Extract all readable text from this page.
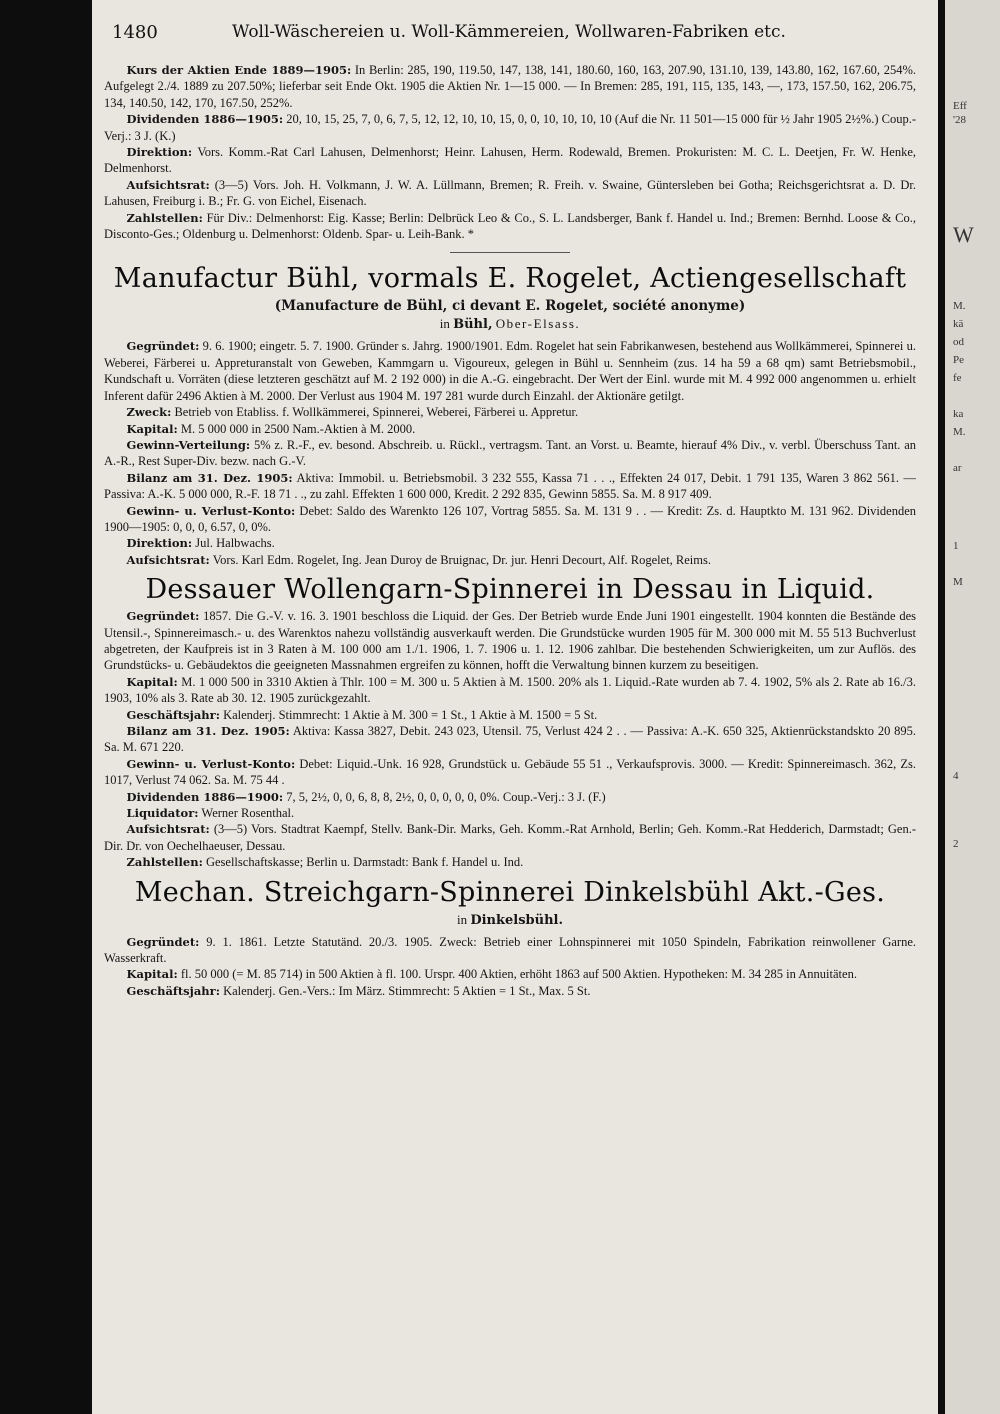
1480	Woll-Wäschereien u. Woll-Kämmereien, Wollwaren-Fabriken etc.

Kurs der Aktien Ende 1889—1905: In Berlin: 285, 190, 119.50, 147, 138, 141, 180.60, 160, 163, 207.90, 131.10, 139, 143.80, 162, 167.60, 254%. Aufgelegt 2./4. 1889 zu 207.50%; lieferbar seit Ende Okt. 1905 die Aktien Nr. 1—15 000. — In Bremen: 285, 191, 115, 135, 143, —, 173, 157.50, 162, 206.75, 134, 140.50, 142, 170, 167.50, 252%.

Dividenden 1886—1905: 20, 10, 15, 25, 7, 0, 6, 7, 5, 12, 12, 10, 10, 15, 0, 0, 10, 10, 10, 10 (Auf die Nr. 11 501—15 000 für ½ Jahr 1905 2½%.) Coup.-Verj.: 3 J. (K.)

Direktion: Vors. Komm.-Rat Carl Lahusen, Delmenhorst; Heinr. Lahusen, Herm. Rodewald, Bremen. Prokuristen: M. C. L. Deetjen, Fr. W. Henke, Delmenhorst.

Aufsichtsrat: (3—5) Vors. Joh. H. Volkmann, J. W. A. Lüllmann, Bremen; R. Freih. v. Swaine, Güntersleben bei Gotha; Reichsgerichtsrat a. D. Dr. Lahusen, Freiburg i. B.; Fr. G. von Eichel, Eisenach.

Zahlstellen: Für Div.: Delmenhorst: Eig. Kasse; Berlin: Delbrück Leo & Co., S. L. Landsberger, Bank f. Handel u. Ind.; Bremen: Bernhd. Loose & Co., Disconto-Ges.; Oldenburg u. Delmenhorst: Oldenb. Spar- u. Leih-Bank. *

Manufactur Bühl, vormals E. Rogelet, Actiengesellschaft
(Manufacture de Bühl, ci devant E. Rogelet, société anonyme)
in Bühl, Ober-Elsass.

Gegründet: 9. 6. 1900; eingetr. 5. 7. 1900. Gründer s. Jahrg. 1900/1901. Edm. Rogelet hat sein Fabrikanwesen, bestehend aus Wollkämmerei, Spinnerei u. Weberei, Färberei u. Appreturanstalt von Geweben, Kammgarn u. Vigoureux, gelegen in Bühl u. Sennheim (zus. 14 ha 59 a 68 qm) samt Betriebsmobil., Kundschaft u. Vorräten (diese letzteren geschätzt auf M. 2 192 000) in die A.-G. eingebracht. Der Wert der Einl. wurde mit M. 4 992 000 angenommen u. erhielt Inferent dafür 2496 Aktien à M. 2000. Der Verlust aus 1904 M. 197 281 wurde durch Einzahl. der Aktionäre getilgt.

Zweck: Betrieb von Etabliss. f. Wollkämmerei, Spinnerei, Weberei, Färberei u. Appretur.

Kapital: M. 5 000 000 in 2500 Nam.-Aktien à M. 2000.

Gewinn-Verteilung: 5% z. R.-F., ev. besond. Abschreib. u. Rückl., vertragsm. Tant. an Vorst. u. Beamte, hierauf 4% Div., v. verbl. Überschuss Tant. an A.-R., Rest Super-Div. bezw. nach G.-V.

Bilanz am 31. Dez. 1905: Aktiva: Immobil. u. Betriebsmobil. 3 232 555, Kassa 71 . . ., Effekten 24 017, Debit. 1 791 135, Waren 3 862 561. — Passiva: A.-K. 5 000 000, R.-F. 18 71 . ., zu zahl. Effekten 1 600 000, Kredit. 2 292 835, Gewinn 5855. Sa. M. 8 917 409.

Gewinn- u. Verlust-Konto: Debet: Saldo des Warenkto 126 107, Vortrag 5855. Sa. M. 131 9 . . — Kredit: Zs. d. Hauptkto M. 131 962. Dividenden 1900—1905: 0, 0, 0, 6.57, 0, 0%.

Direktion: Jul. Halbwachs.

Aufsichtsrat: Vors. Karl Edm. Rogelet, Ing. Jean Duroy de Bruignac, Dr. jur. Henri Decourt, Alf. Rogelet, Reims.

Dessauer Wollengarn-Spinnerei in Dessau in Liquid.

Gegründet: 1857. Die G.-V. v. 16. 3. 1901 beschloss die Liquid. der Ges. Der Betrieb wurde Ende Juni 1901 eingestellt. 1904 konnten die Bestände des Utensil.-, Spinnereimasch.- u. des Warenktos nahezu vollständig ausverkauft werden. Die Grundstücke wurden 1905 für M. 300 000 mit M. 55 513 Buchverlust abgetreten, der Kaufpreis ist in 3 Raten à M. 100 000 am 1./1. 1906, 1. 7. 1906 u. 1. 12. 1906 zahlbar. Die bestehenden Schwierigkeiten, um zur Auflös. des Grundstücks- u. Gebäudektos die geeigneten Massnahmen ergreifen zu können, hofft die Verwaltung binnen kurzem zu beseitigen.

Kapital: M. 1 000 500 in 3310 Aktien à Thlr. 100 = M. 300 u. 5 Aktien à M. 1500. 20% als 1. Liquid.-Rate wurden ab 7. 4. 1902, 5% als 2. Rate ab 16./3. 1903, 10% als 3. Rate ab 30. 12. 1905 zurückgezahlt.

Geschäftsjahr: Kalenderj. Stimmrecht: 1 Aktie à M. 300 = 1 St., 1 Aktie à M. 1500 = 5 St.

Bilanz am 31. Dez. 1905: Aktiva: Kassa 3827, Debit. 243 023, Utensil. 75, Verlust 424 2 . . — Passiva: A.-K. 650 325, Aktienrückstandskto 20 895. Sa. M. 671 220.

Gewinn- u. Verlust-Konto: Debet: Liquid.-Unk. 16 928, Grundstück u. Gebäude 55 51 ., Verkaufsprovis. 3000. — Kredit: Spinnereimasch. 362, Zs. 1017, Verlust 74 062. Sa. M. 75 44 .

Dividenden 1886—1900: 7, 5, 2½, 0, 0, 6, 8, 8, 2½, 0, 0, 0, 0, 0, 0%. Coup.-Verj.: 3 J. (F.)

Liquidator: Werner Rosenthal.

Aufsichtsrat: (3—5) Vors. Stadtrat Kaempf, Stellv. Bank-Dir. Marks, Geh. Komm.-Rat Arnhold, Berlin; Geh. Komm.-Rat Hedderich, Darmstadt; Gen.-Dir. Dr. von Oechelhaeuser, Dessau.

Zahlstellen: Gesellschaftskasse; Berlin u. Darmstadt: Bank f. Handel u. Ind.

Mechan. Streichgarn-Spinnerei Dinkelsbühl Akt.-Ges.
in Dinkelsbühl.

Gegründet: 9. 1. 1861. Letzte Statutänd. 20./3. 1905. Zweck: Betrieb einer Lohnspinnerei mit 1050 Spindeln, Fabrikation reinwollener Garne. Wasserkraft.

Kapital: fl. 50 000 (= M. 85 714) in 500 Aktien à fl. 100. Urspr. 400 Aktien, erhöht 1863 auf 500 Aktien. Hypotheken: M. 34 285 in Annuitäten.

Geschäftsjahr: Kalenderj. Gen.-Vers.: Im März. Stimmrecht: 5 Aktien = 1 St., Max. 5 St.

Eff
'28
W
M.
kä
od
Pe
fe
ka
M.
ar
1
M
4
2
